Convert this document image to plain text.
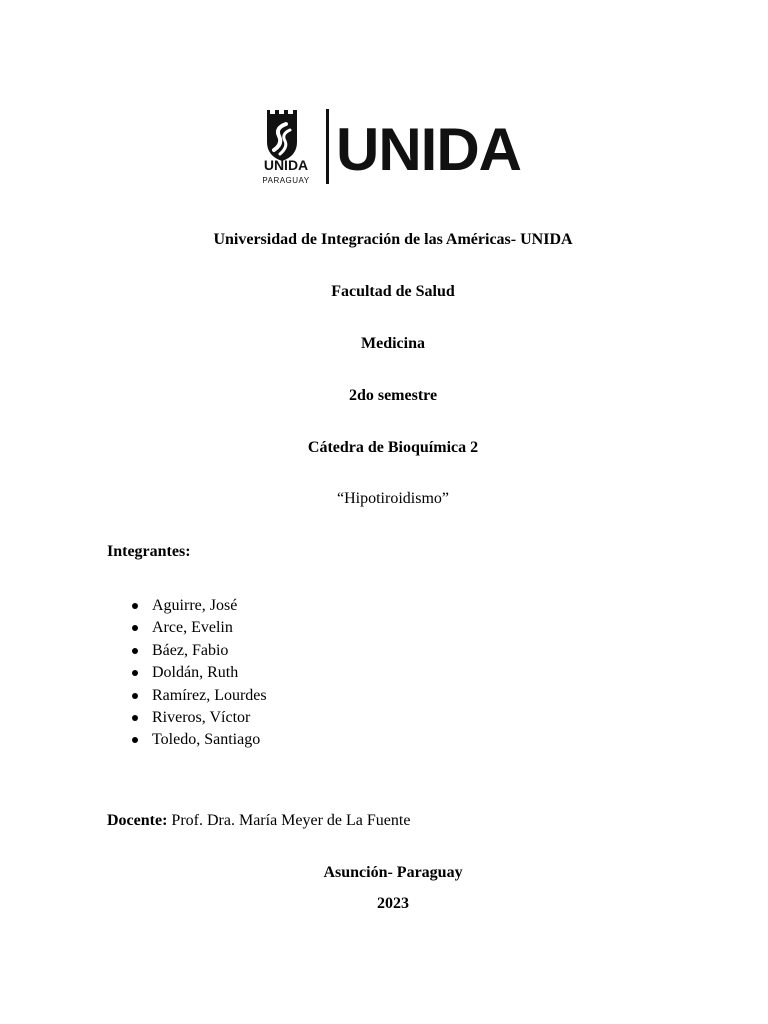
UNIDA
PARAGUAY UNIDA
Universidad de Integración de las Américas- UNIDA
Facultad de Salud
Medicina
2do semestre
Cátedra de Bioquímica 2
“Hipotiroidismo”
Integrantes:
Aguirre, José
Arce, Evelin
Báez, Fabio
Doldán, Ruth
Ramírez, Lourdes
Riveros, Víctor
Toledo, Santiago
Docente: Prof. Dra. María Meyer de La Fuente
Asunción- Paraguay
2023
